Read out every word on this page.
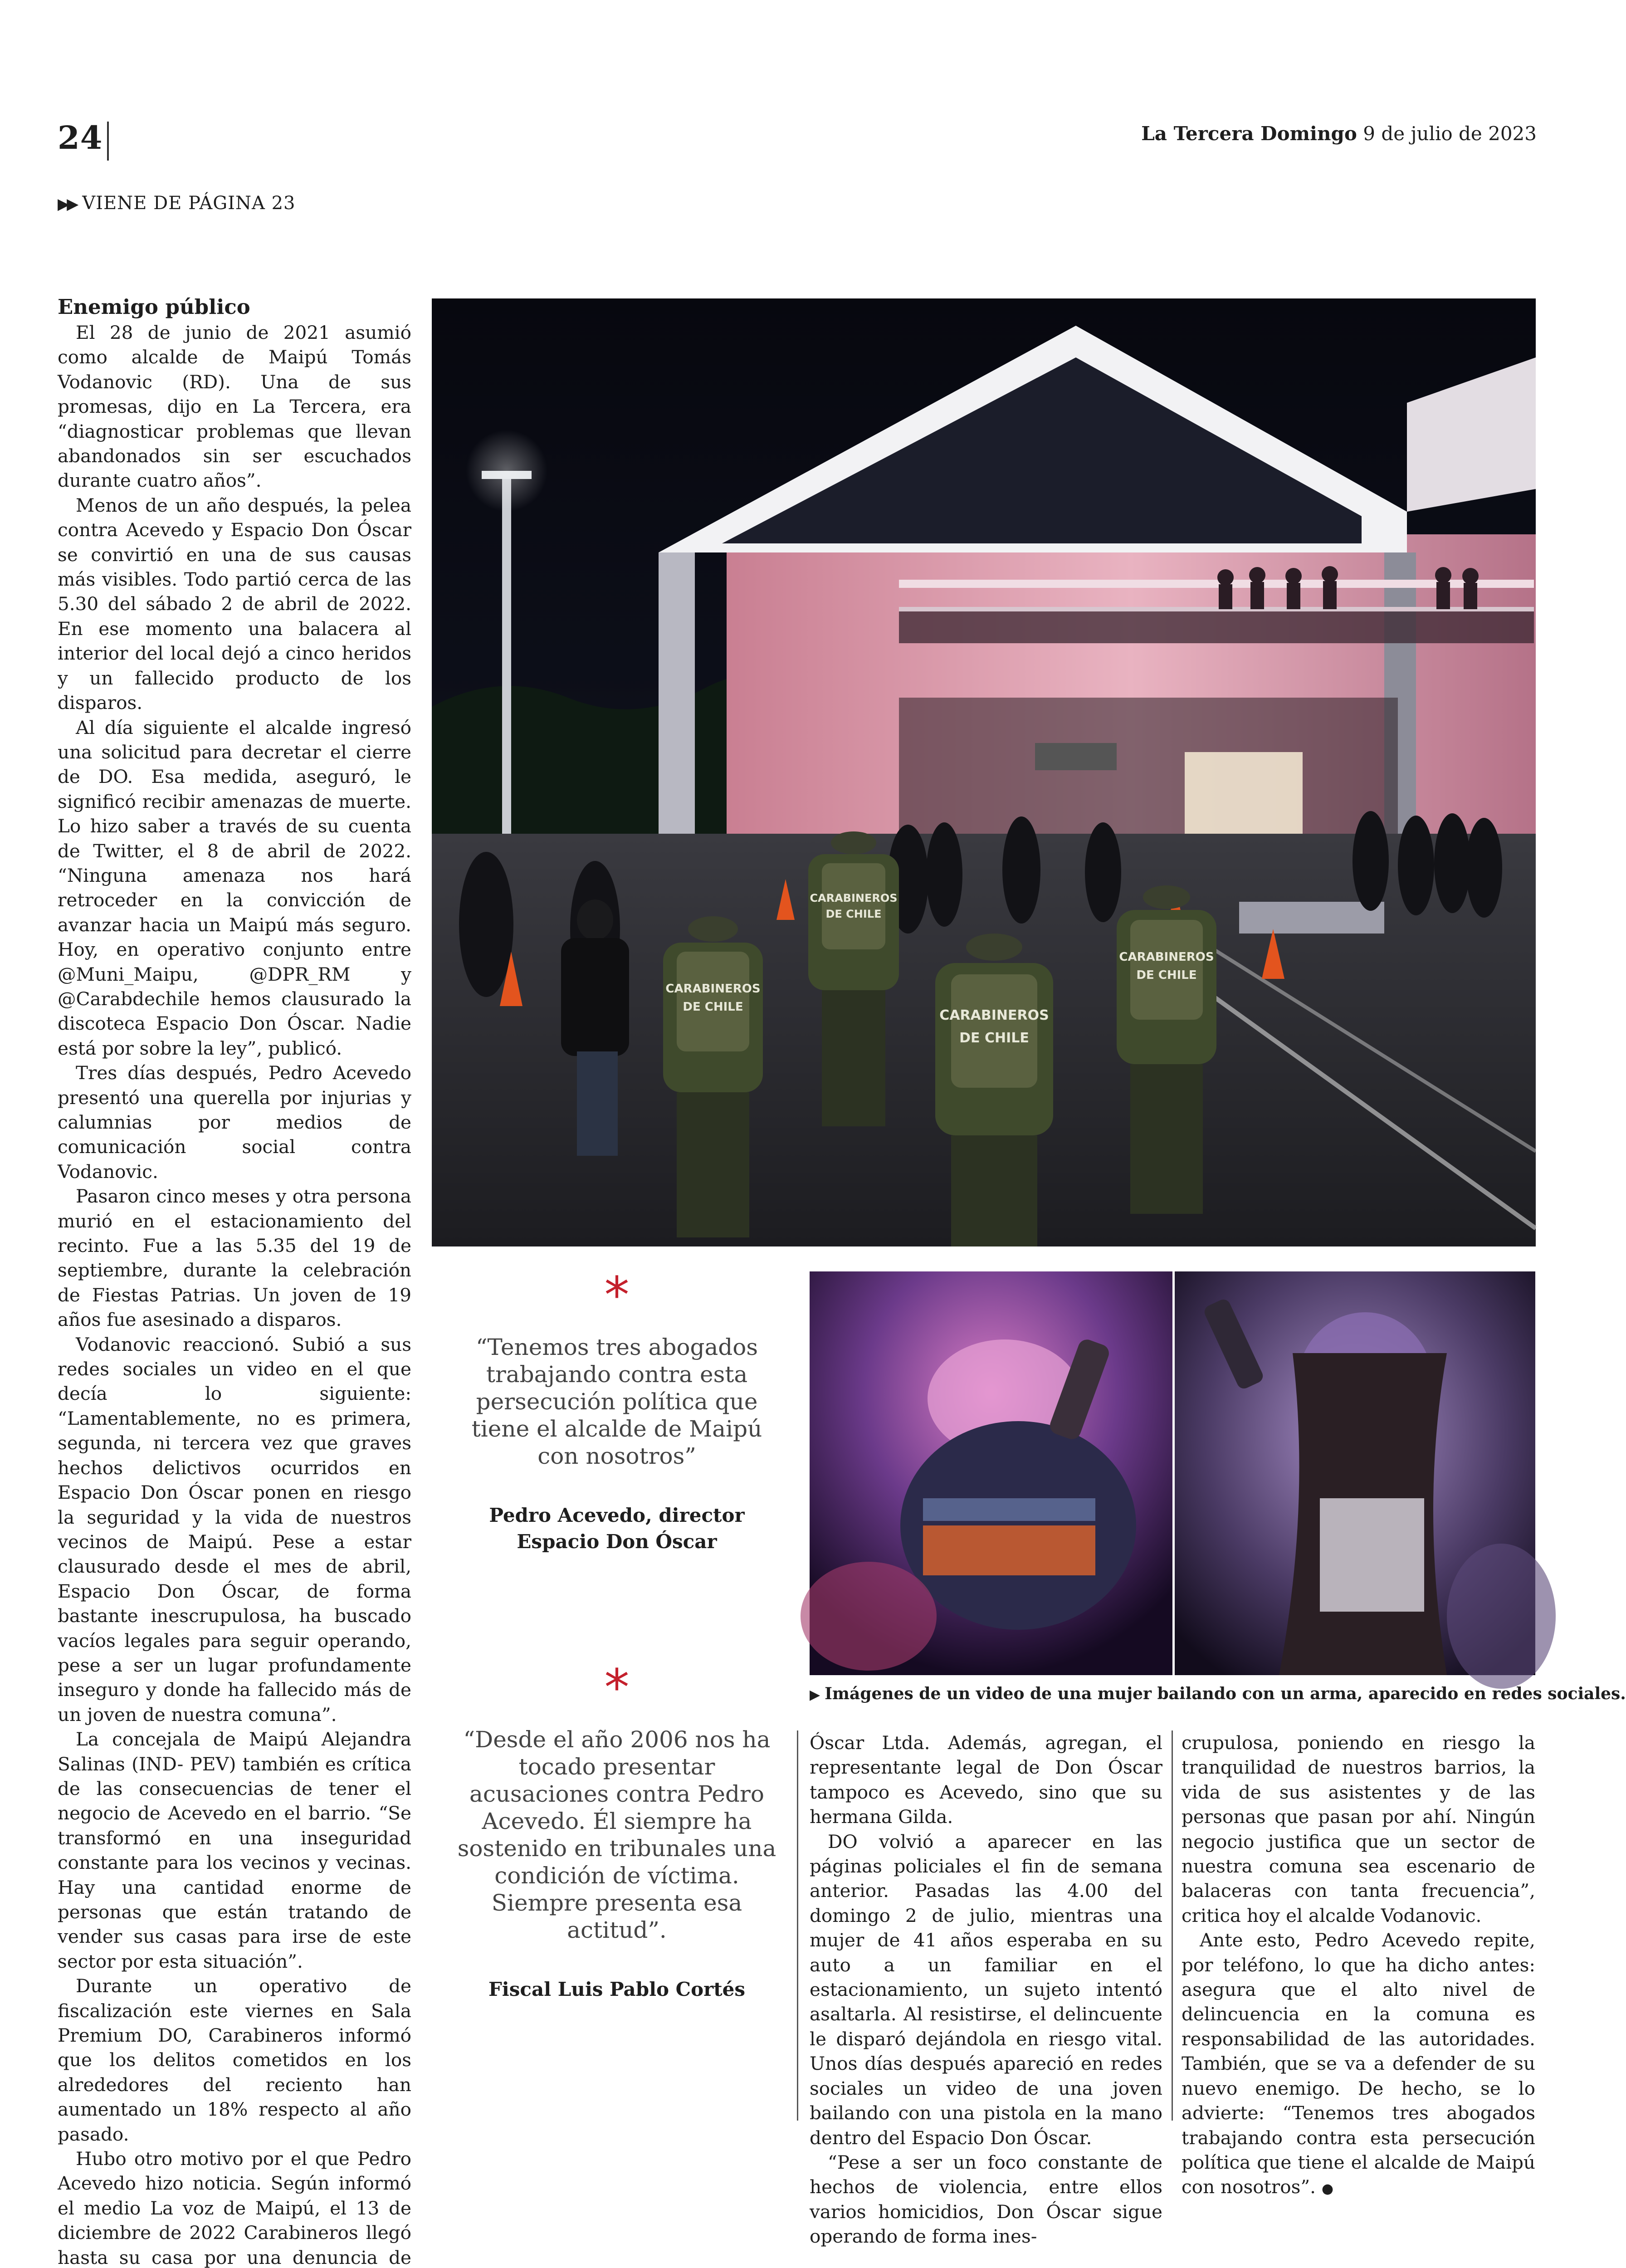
24	La Tercera Domingo 9 de julio de 2023
▶▶ VIENE DE PÁGINA 23
Enemigo público

El 28 de junio de 2021 asumió como alcalde de Maipú Tomás Vodanovic (RD). Una de sus promesas, dijo en La Tercera, era “diagnosticar problemas que llevan abandonados sin ser escuchados durante cuatro años”.

Menos de un año después, la pelea contra Acevedo y Espacio Don Óscar se convirtió en una de sus causas más visibles. Todo partió cerca de las 5.30 del sábado 2 de abril de 2022. En ese momento una balacera al interior del local dejó a cinco heridos y un fallecido producto de los disparos.

Al día siguiente el alcalde ingresó una solicitud para decretar el cierre de DO. Esa medida, aseguró, le significó recibir amenazas de muerte. Lo hizo saber a través de su cuenta de Twitter, el 8 de abril de 2022. “Ninguna amenaza nos hará retroceder en la convicción de avanzar hacia un Maipú más seguro. Hoy, en operativo conjunto entre @Muni_Maipu, @DPR_RM y @Carabdechile hemos clausurado la discoteca Espacio Don Óscar. Nadie está por sobre la ley”, publicó.

Tres días después, Pedro Acevedo presentó una querella por injurias y calumnias por medios de comunicación social contra Vodanovic.

Pasaron cinco meses y otra persona murió en el estacionamiento del recinto. Fue a las 5.35 del 19 de septiembre, durante la celebración de Fiestas Patrias. Un joven de 19 años fue asesinado a disparos.

Vodanovic reaccionó. Subió a sus redes sociales un video en el que decía lo siguiente: “Lamentablemente, no es primera, segunda, ni tercera vez que graves hechos delictivos ocurridos en Espacio Don Óscar ponen en riesgo la seguridad y la vida de nuestros vecinos de Maipú. Pese a estar clausurado desde el mes de abril, Espacio Don Óscar, de forma bastante inescrupulosa, ha buscado vacíos legales para seguir operando, pese a ser un lugar profundamente inseguro y donde ha fallecido más de un joven de nuestra comuna”.

La concejala de Maipú Alejandra Salinas (IND- PEV) también es crítica de las consecuencias de tener el negocio de Acevedo en el barrio. “Se transformó en una inseguridad constante para los vecinos y vecinas. Hay una cantidad enorme de personas que están tratando de vender sus casas para irse de este sector por esta situación”.

Durante un operativo de fiscalización este viernes en Sala Premium DO, Carabineros informó que los delitos cometidos en los alrededores del reciento han aumentado un 18% respecto al año pasado.

Hubo otro motivo por el que Pedro Acevedo hizo noticia. Según informó el medio La voz de Maipú, el 13 de diciembre de 2022 Carabineros llegó hasta su casa por una denuncia de

CARABINEROS
DE CHILE
CARABINEROS
DE CHILE
CARABINEROS
DE CHILE
CARABINEROS
DE CHILE
*
“Tenemos tres abogados trabajando contra esta persecución política que tiene el alcalde de Maipú con nosotros”
Pedro Acevedo, director Espacio Don Óscar
▶ Imágenes de un video de una mujer bailando con un arma, aparecido en redes sociales.
*
“Desde el año 2006 nos ha tocado presentar acusaciones contra Pedro Acevedo. Él siempre ha sostenido en tribunales una condición de víctima. Siempre presenta esa actitud”.
Fiscal Luis Pablo Cortés

Óscar Ltda. Además, agregan, el representante legal de Don Óscar tampoco es Acevedo, sino que su hermana Gilda.

DO volvió a aparecer en las páginas policiales el fin de semana anterior. Pasadas las 4.00 del domingo 2 de julio, mientras una mujer de 41 años esperaba en su auto a un familiar en el estacionamiento, un sujeto intentó asaltarla. Al resistirse, el delincuente le disparó dejándola en riesgo vital. Unos días después apareció en redes sociales un video de una joven bailando con una pistola en la mano dentro del Espacio Don Óscar.

“Pese a ser un foco constante de hechos de violencia, entre ellos varios homicidios, Don Óscar sigue operando de forma ines-

crupulosa, poniendo en riesgo la tranquilidad de nuestros barrios, la vida de sus asistentes y de las personas que pasan por ahí. Ningún negocio justifica que un sector de nuestra comuna sea escenario de balaceras con tanta frecuencia”, critica hoy el alcalde Vodanovic.

Ante esto, Pedro Acevedo repite, por teléfono, lo que ha dicho antes: asegura que el alto nivel de delincuencia en la comuna es responsabilidad de las autoridades. También, que se va a defender de su nuevo enemigo. De hecho, se lo advierte: “Tenemos tres abogados trabajando contra esta persecución política que tiene el alcalde de Maipú con nosotros”. ●
